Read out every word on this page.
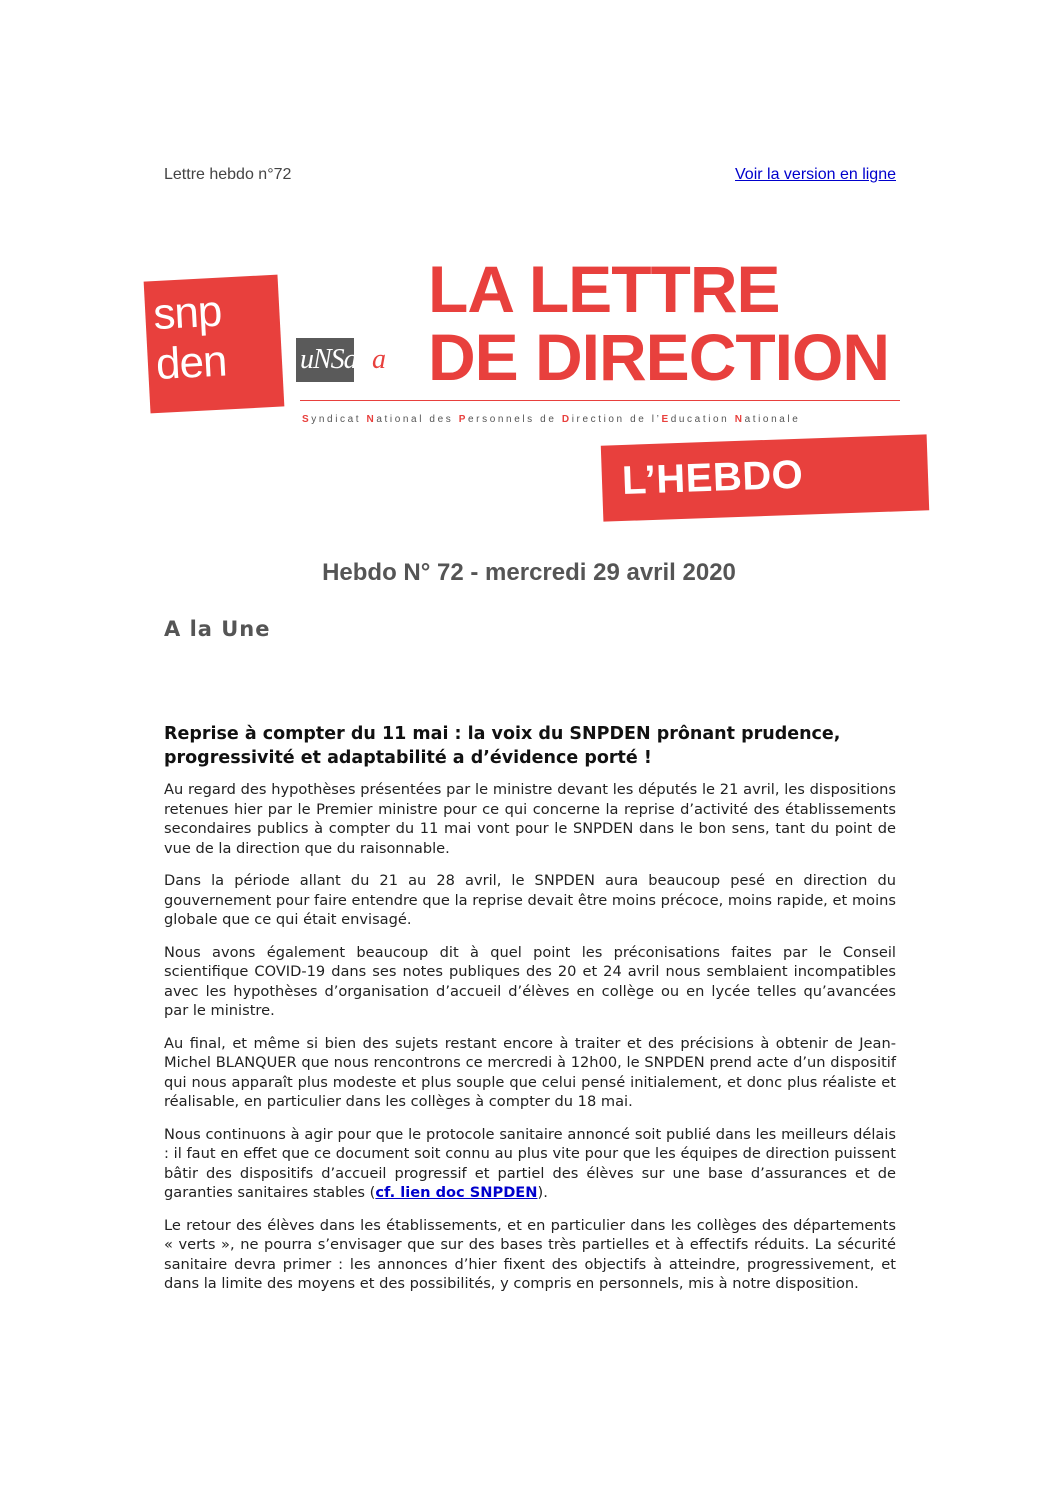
Lettre hebdo n°72	Voir la version en ligne
snp
den	uNSa a
LA LETTRE
DE DIRECTION
Syndicat National des Personnels de Direction de l’Education Nationale
L’HEBDO
Hebdo N° 72 - mercredi 29 avril 2020
A la Une
Reprise à compter du 11 mai : la voix du SNPDEN prônant prudence, progressivité et adaptabilité a d’évidence porté !

Au regard des hypothèses présentées par le ministre devant les députés le 21 avril, les dispositions retenues hier par le Premier ministre pour ce qui concerne la reprise d’activité des établissements secondaires publics à compter du 11 mai vont pour le SNPDEN dans le bon sens, tant du point de vue de la direction que du raisonnable.

Dans la période allant du 21 au 28 avril, le SNPDEN aura beaucoup pesé en direction du gouvernement pour faire entendre que la reprise devait être moins précoce, moins rapide, et moins globale que ce qui était envisagé.

Nous avons également beaucoup dit à quel point les préconisations faites par le Conseil scientifique COVID-19 dans ses notes publiques des 20 et 24 avril nous semblaient incompatibles avec les hypothèses d’organisation d’accueil d’élèves en collège ou en lycée telles qu’avancées par le ministre.

Au final, et même si bien des sujets restant encore à traiter et des précisions à obtenir de Jean-Michel BLANQUER que nous rencontrons ce mercredi à 12h00, le SNPDEN prend acte d’un dispositif qui nous apparaît plus modeste et plus souple que celui pensé initialement, et donc plus réaliste et réalisable, en particulier dans les collèges à compter du 18 mai.

Nous continuons à agir pour que le protocole sanitaire annoncé soit publié dans les meilleurs délais : il faut en effet que ce document soit connu au plus vite pour que les équipes de direction puissent bâtir des dispositifs d’accueil progressif et partiel des élèves sur une base d’assurances et de garanties sanitaires stables (cf. lien doc SNPDEN).

Le retour des élèves dans les établissements, et en particulier dans les collèges des départements « verts », ne pourra s’envisager que sur des bases très partielles et à effectifs réduits. La sécurité sanitaire devra primer : les annonces d’hier fixent des objectifs à atteindre, progressivement, et dans la limite des moyens et des possibilités, y compris en personnels, mis à notre disposition.
